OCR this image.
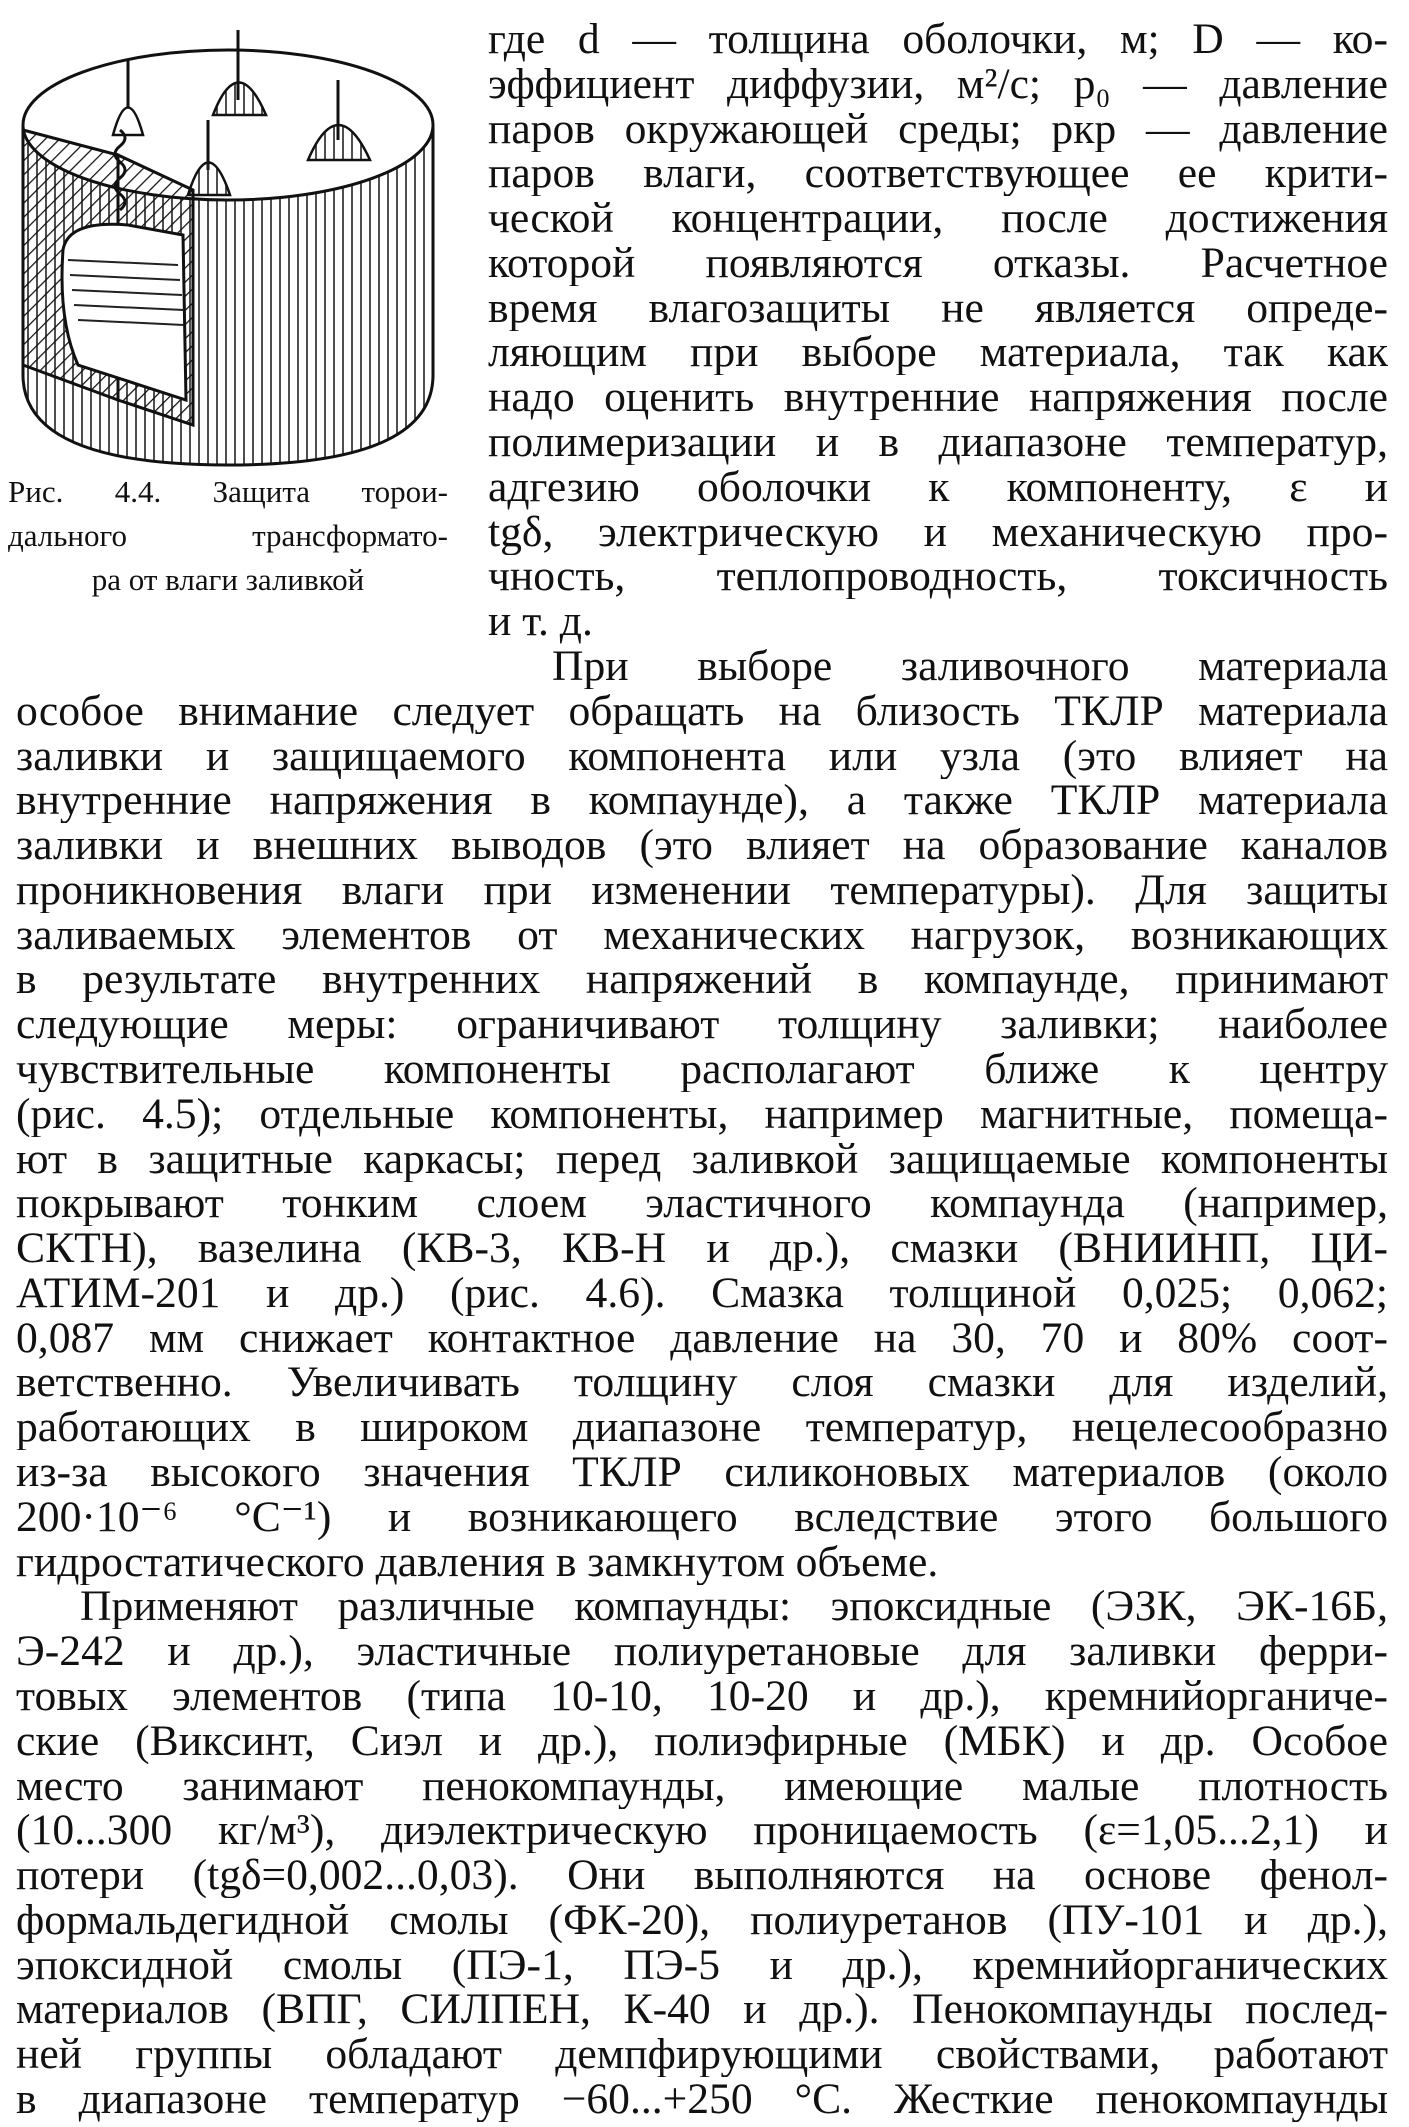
Рис. 4.4. Защита торои-
дального трансформато-
ра от влаги заливкой
где d — толщина оболочки, м; D — ко-
эффициент диффузии, м²/с; p₀ — давление
паров окружающей среды; pкр — давление
паров влаги, соответствующее ее крити-
ческой концентрации, после достижения
которой появляются отказы. Расчетное
время влагозащиты не является опреде-
ляющим при выборе материала, так как
надо оценить внутренние напряжения после
полимеризации и в диапазоне температур,
адгезию оболочки к компоненту, ε и
tgδ, электрическую и механическую про-
чность, теплопроводность, токсичность
и т. д.
При выборе заливочного материала
особое внимание следует обращать на близость ТКЛР материала
заливки и защищаемого компонента или узла (это влияет на
внутренние напряжения в компаунде), а также ТКЛР материала
заливки и внешних выводов (это влияет на образование каналов
проникновения влаги при изменении температуры). Для защиты
заливаемых элементов от механических нагрузок, возникающих
в результате внутренних напряжений в компаунде, принимают
следующие меры: ограничивают толщину заливки; наиболее
чувствительные компоненты располагают ближе к центру
(рис. 4.5); отдельные компоненты, например магнитные, помеща-
ют в защитные каркасы; перед заливкой защищаемые компоненты
покрывают тонким слоем эластичного компаунда (например,
СКТН), вазелина (КВ-3, КВ-Н и др.), смазки (ВНИИНП, ЦИ-
АТИМ-201 и др.) (рис. 4.6). Смазка толщиной 0,025; 0,062;
0,087 мм снижает контактное давление на 30, 70 и 80% соот-
ветственно. Увеличивать толщину слоя смазки для изделий,
работающих в широком диапазоне температур, нецелесообразно
из-за высокого значения ТКЛР силиконовых материалов (около
200·10⁻⁶ °С⁻¹) и возникающего вследствие этого большого
гидростатического давления в замкнутом объеме.
Применяют различные компаунды: эпоксидные (ЭЗК, ЭК-16Б,
Э-242 и др.), эластичные полиуретановые для заливки ферри-
товых элементов (типа 10-10, 10-20 и др.), кремнийорганиче-
ские (Виксинт, Сиэл и др.), полиэфирные (МБК) и др. Особое
место занимают пенокомпаунды, имеющие малые плотность
(10...300 кг/м³), диэлектрическую проницаемость (ε=1,05...2,1) и
потери (tgδ=0,002...0,03). Они выполняются на основе фенол-
формальдегидной смолы (ФК-20), полиуретанов (ПУ-101 и др.),
эпоксидной смолы (ПЭ-1, ПЭ-5 и др.), кремнийорганических
материалов (ВПГ, СИЛПЕН, К-40 и др.). Пенокомпаунды послед-
ней группы обладают демпфирующими свойствами, работают
в диапазоне температур −60...+250 °С. Жесткие пенокомпаунды
